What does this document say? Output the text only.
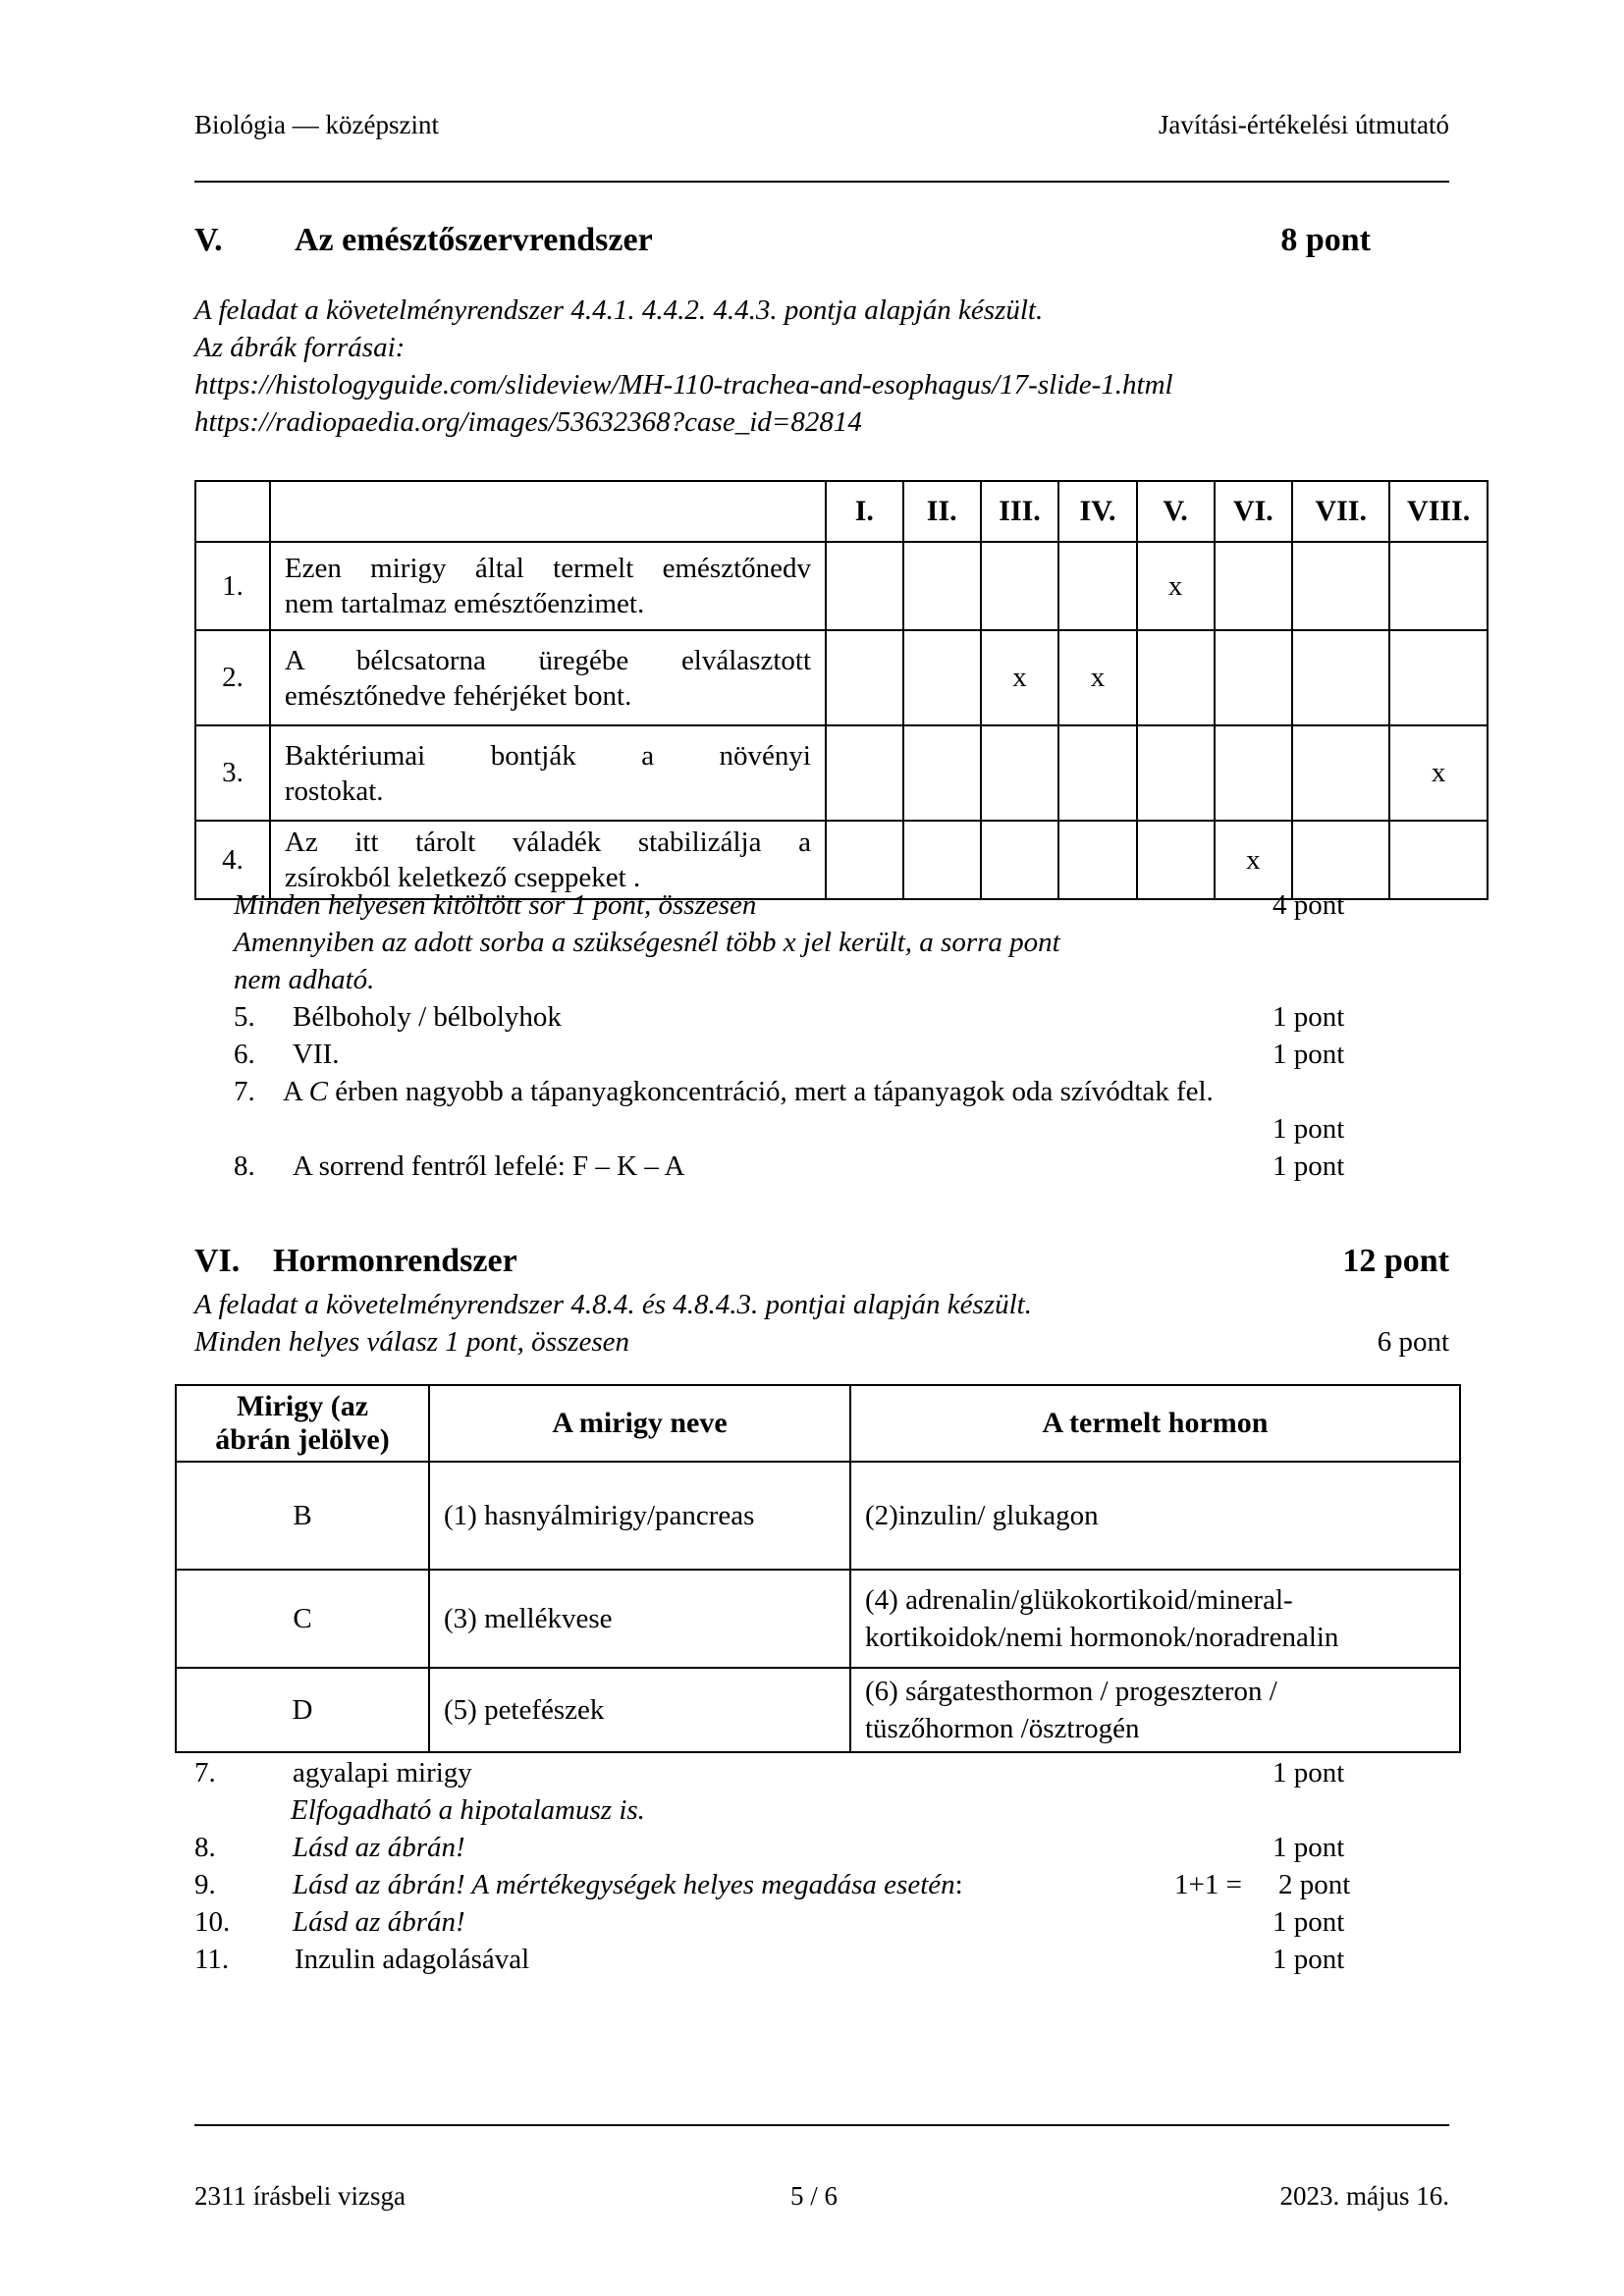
Biológia — középszint	Javítási-értékelési útmutató
V. Az emésztőszervrendszer	8 pont
A feladat a követelményrendszer 4.4.1. 4.4.2. 4.4.3. pontja alapján készült.
Az ábrák forrásai:
https://histologyguide.com/slideview/MH-110-trachea-and-esophagus/17-slide-1.html
https://radiopaedia.org/images/53632368?case_id=82814
		I.	II.	III.	IV.	V.	VI.	VII.	VIII.
1.	Ezen mirigy által termelt emésztőnedv
nem tartalmaz emésztőenzimet.					x			
2.	A bélcsatorna üregébe elválasztott
emésztőnedve fehérjéket bont.			x	x				
3.	Baktériumai bontják a növényi
rostokat.								x
4.	Az itt tárolt váladék stabilizálja a
zsírokból keletkező cseppeket .						x		
Minden helyesen kitöltött sor 1 pont, összesen	4 pont
Amennyiben az adott sorba a szükségesnél több x jel került, a sorra pont
nem adható.
5. Bélboholy / bélbolyhok	1 pont
6. VII.	1 pont
7. A C érben nagyobb a tápanyagkoncentráció, mert a tápanyagok oda szívódtak fel.
1 pont
8. A sorrend fentről lefelé: F – K – A	1 pont
VI. Hormonrendszer	12 pont
A feladat a követelményrendszer 4.8.4. és 4.8.4.3. pontjai alapján készült.
Minden helyes válasz 1 pont, összesen	6 pont
Mirigy (az
ábrán jelölve)	A mirigy neve	A termelt hormon
B	(1) hasnyálmirigy/pancreas	(2)inzulin/ glukagon
C	(3) mellékvese	(4) adrenalin/glükokortikoid/mineral-
kortikoidok/nemi hormonok/noradrenalin
D	(5) petefészek	(6) sárgatesthormon / progeszteron /
tüszőhormon /ösztrogén
7.	agyalapi mirigy	1 pont
Elfogadható a hipotalamusz is.
8.	Lásd az ábrán!	1 pont
9.	Lásd az ábrán! A mértékegységek helyes megadása esetén:	1+1 = 2 pont
10. Lásd az ábrán!	1 pont
11. Inzulin adagolásával	1 pont
2311 írásbeli vizsga	5 / 6	2023. május 16.
